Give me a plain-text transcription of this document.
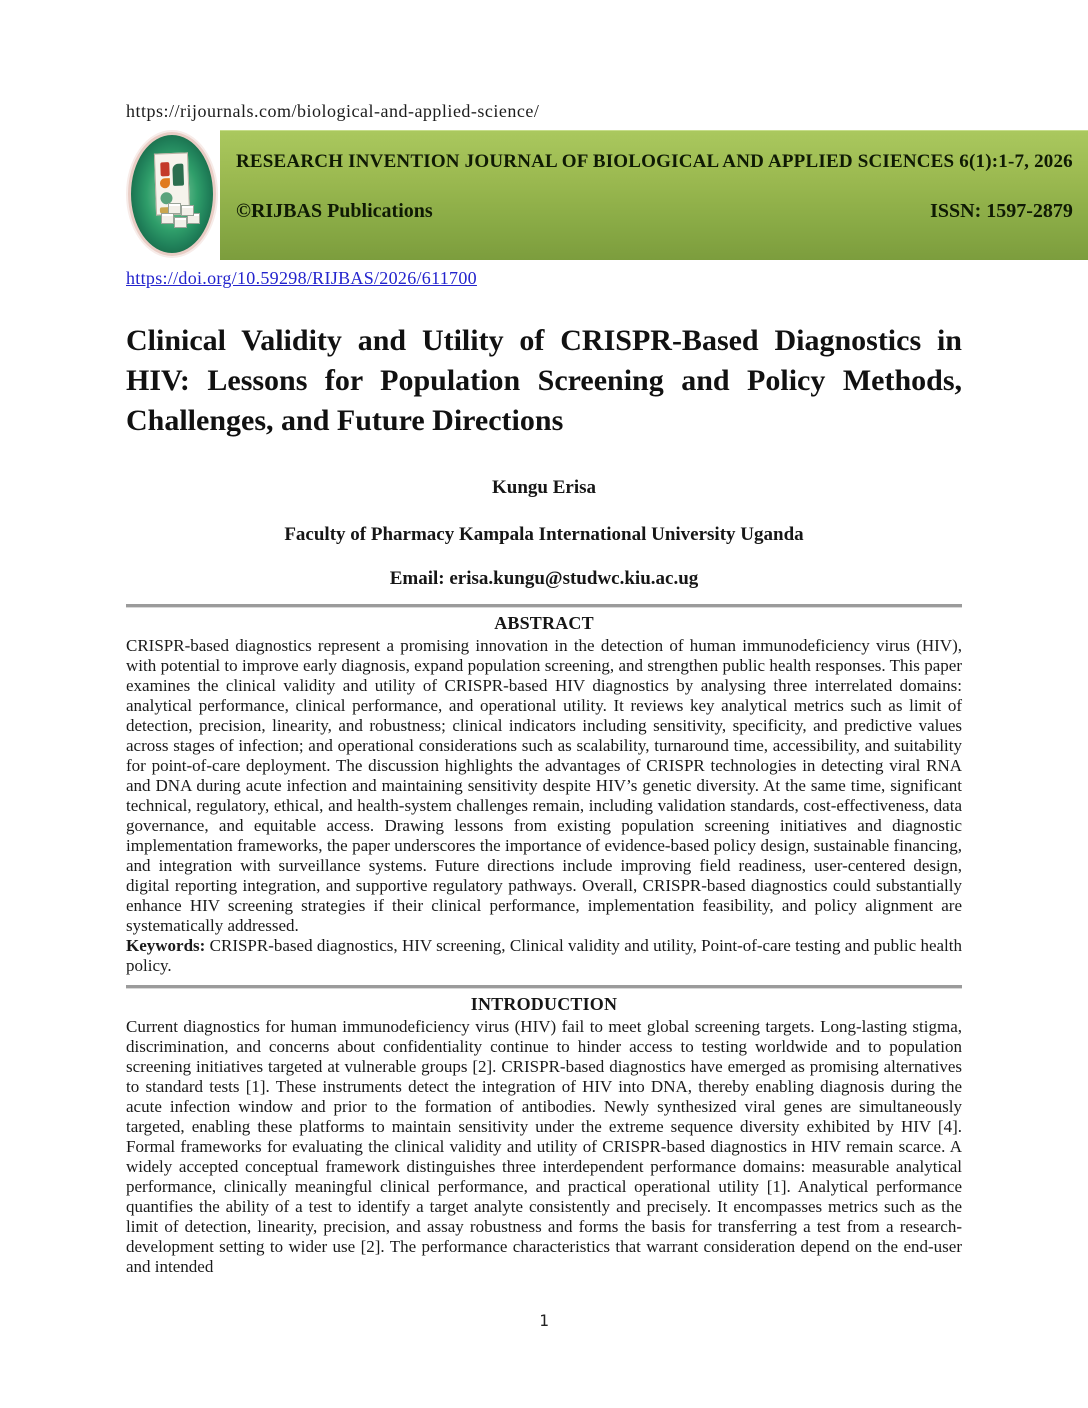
https://rijournals.com/biological-and-applied-science/
RESEARCH INVENTION JOURNAL OF BIOLOGICAL AND APPLIED SCIENCES 6(1):1-7, 2026
©RIJBAS Publications	ISSN: 1597-2879
https://doi.org/10.59298/RIJBAS/2026/611700
Clinical Validity and Utility of CRISPR-Based Diagnostics in HIV: Lessons for Population Screening and Policy Methods, Challenges, and Future Directions
Kungu Erisa
Faculty of Pharmacy Kampala International University Uganda
Email: erisa.kungu@studwc.kiu.ac.ug
ABSTRACT

CRISPR-based diagnostics represent a promising innovation in the detection of human immunodeficiency virus (HIV), with potential to improve early diagnosis, expand population screening, and strengthen public health responses. This paper examines the clinical validity and utility of CRISPR-based HIV diagnostics by analysing three interrelated domains: analytical performance, clinical performance, and operational utility. It reviews key analytical metrics such as limit of detection, precision, linearity, and robustness; clinical indicators including sensitivity, specificity, and predictive values across stages of infection; and operational considerations such as scalability, turnaround time, accessibility, and suitability for point-of-care deployment. The discussion highlights the advantages of CRISPR technologies in detecting viral RNA and DNA during acute infection and maintaining sensitivity despite HIV’s genetic diversity. At the same time, significant technical, regulatory, ethical, and health-system challenges remain, including validation standards, cost-effectiveness, data governance, and equitable access. Drawing lessons from existing population screening initiatives and diagnostic implementation frameworks, the paper underscores the importance of evidence-based policy design, sustainable financing, and integration with surveillance systems. Future directions include improving field readiness, user-centered design, digital reporting integration, and supportive regulatory pathways. Overall, CRISPR-based diagnostics could substantially enhance HIV screening strategies if their clinical performance, implementation feasibility, and policy alignment are systematically addressed.

Keywords: CRISPR-based diagnostics, HIV screening, Clinical validity and utility, Point-of-care testing and public health policy.

INTRODUCTION

Current diagnostics for human immunodeficiency virus (HIV) fail to meet global screening targets. Long-lasting stigma, discrimination, and concerns about confidentiality continue to hinder access to testing worldwide and to population screening initiatives targeted at vulnerable groups [2]. CRISPR-based diagnostics have emerged as promising alternatives to standard tests [1]. These instruments detect the integration of HIV into DNA, thereby enabling diagnosis during the acute infection window and prior to the formation of antibodies. Newly synthesized viral genes are simultaneously targeted, enabling these platforms to maintain sensitivity under the extreme sequence diversity exhibited by HIV [4]. Formal frameworks for evaluating the clinical validity and utility of CRISPR-based diagnostics in HIV remain scarce. A widely accepted conceptual framework distinguishes three interdependent performance domains: measurable analytical performance, clinically meaningful clinical performance, and practical operational utility [1]. Analytical performance quantifies the ability of a test to identify a target analyte consistently and precisely. It encompasses metrics such as the limit of detection, linearity, precision, and assay robustness and forms the basis for transferring a test from a research-development setting to wider use [2]. The performance characteristics that warrant consideration depend on the end-user and intended

1
